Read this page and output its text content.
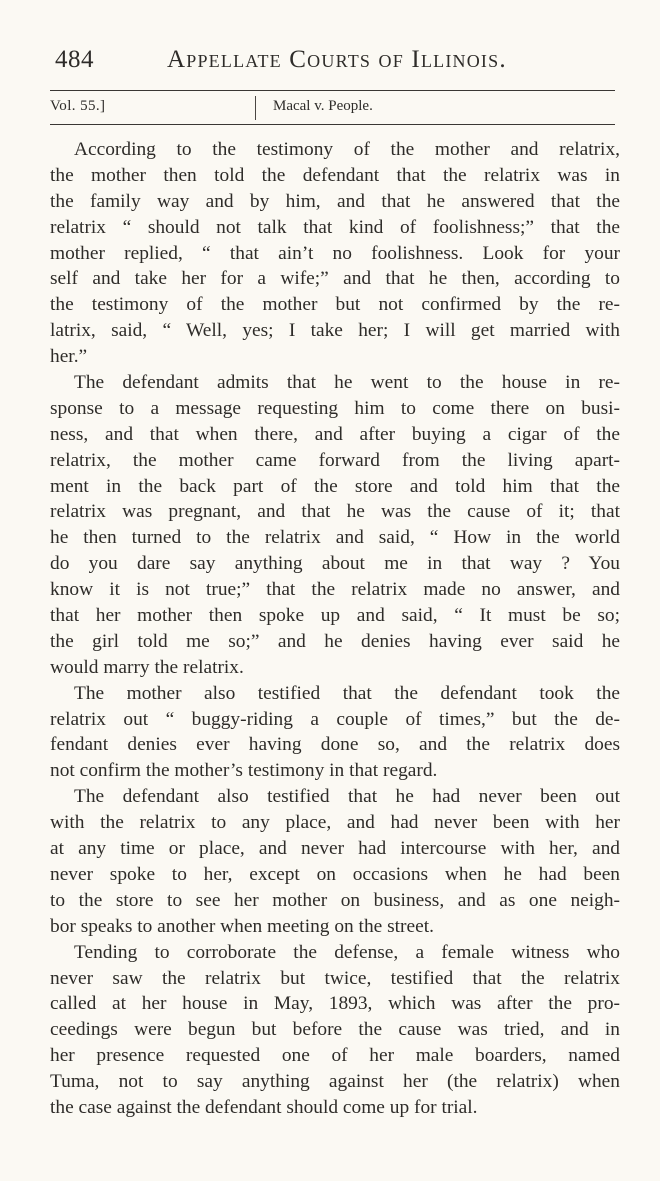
484	Appellate Courts of Illinois.
Vol. 55.]	Macal v. People.
According to the testimony of the mother and relatrix,
the mother then told the defendant that the relatrix was in
the family way and by him, and that he answered that the
relatrix “ should not talk that kind of foolishness;” that the
mother replied, “ that ain’t no foolishness. Look for your
self and take her for a wife;” and that he then, according to
the testimony of the mother but not confirmed by the re-
latrix, said, “ Well, yes; I take her; I will get married with
her.”
The defendant admits that he went to the house in re-
sponse to a message requesting him to come there on busi-
ness, and that when there, and after buying a cigar of the
relatrix, the mother came forward from the living apart-
ment in the back part of the store and told him that the
relatrix was pregnant, and that he was the cause of it; that
he then turned to the relatrix and said, “ How in the world
do you dare say anything about me in that way ? You
know it is not true;” that the relatrix made no answer, and
that her mother then spoke up and said, “ It must be so;
the girl told me so;” and he denies having ever said he
would marry the relatrix.
The mother also testified that the defendant took the
relatrix out “ buggy-riding a couple of times,” but the de-
fendant denies ever having done so, and the relatrix does
not confirm the mother’s testimony in that regard.
The defendant also testified that he had never been out
with the relatrix to any place, and had never been with her
at any time or place, and never had intercourse with her, and
never spoke to her, except on occasions when he had been
to the store to see her mother on business, and as one neigh-
bor speaks to another when meeting on the street.
Tending to corroborate the defense, a female witness who
never saw the relatrix but twice, testified that the relatrix
called at her house in May, 1893, which was after the pro-
ceedings were begun but before the cause was tried, and in
her presence requested one of her male boarders, named
Tuma, not to say anything against her (the relatrix) when
the case against the defendant should come up for trial.
